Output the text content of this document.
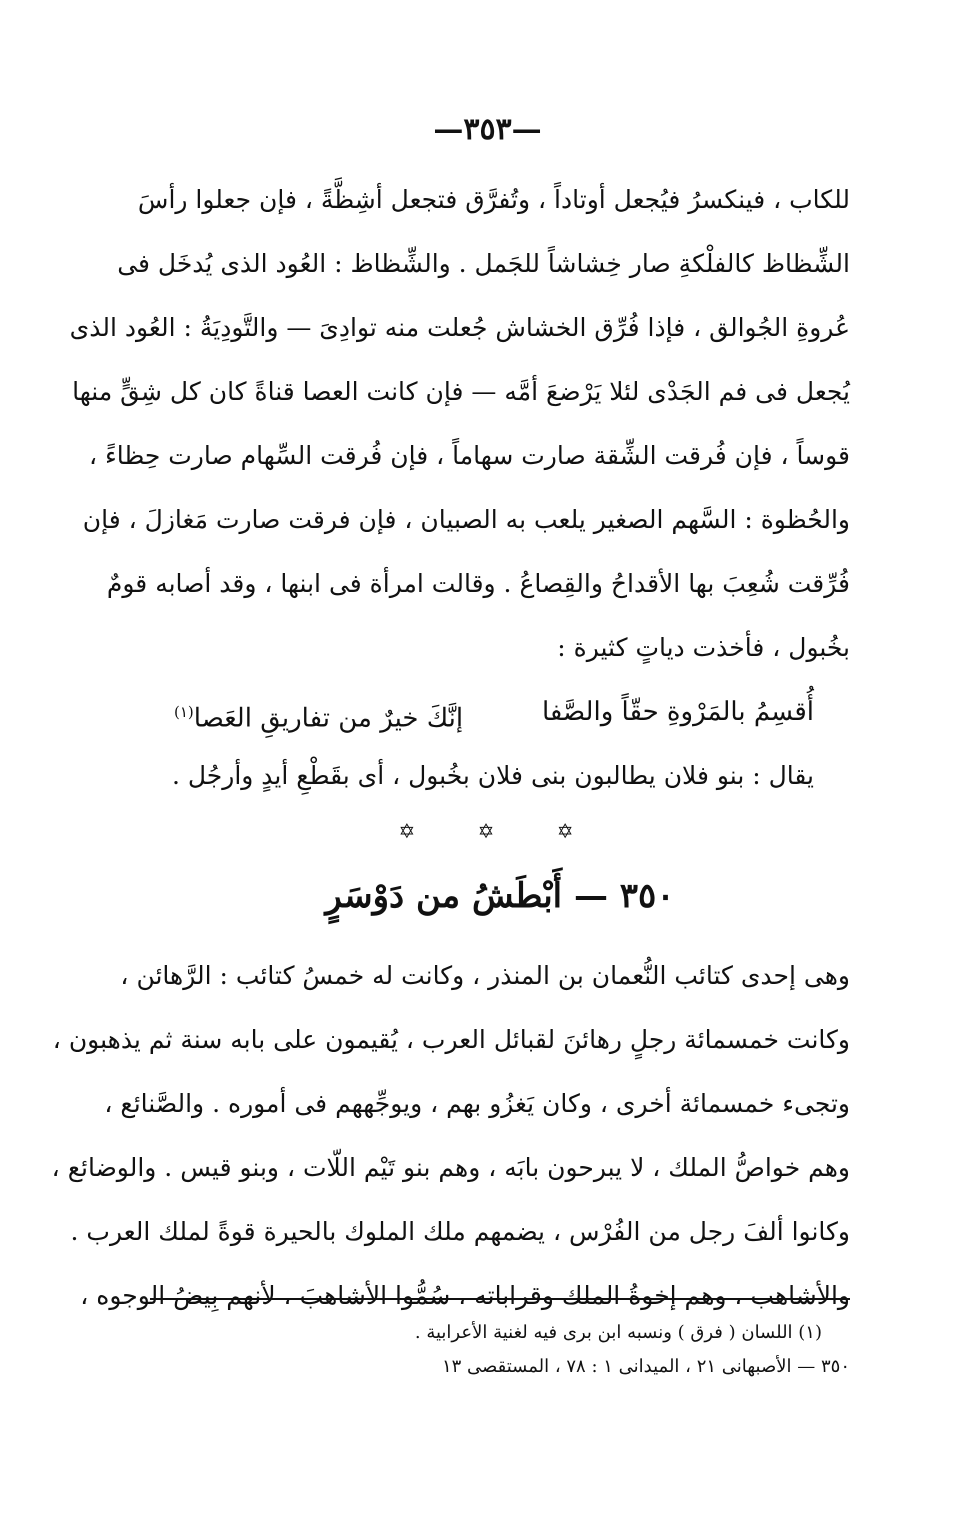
—٣٥٣—
للكاب ، فينكسرُ فيُجعل أوتاداً ، وتُفرَّق فتجعل أشِظَّةً ، فإن جعلوا رأسَ
الشِّظاظ كالفلْكةِ صار خِشاشاً للجَمل . والشِّظاظ : العُود الذى يُدخَل فى
عُروةِ الجُوالق ، فإذا فُرِّق الخشاش جُعلت منه توادِىَ — والتَّودِيَةُ : العُود الذى
يُجعل فى فم الجَدْى لئلا يَرْضعَ أمَّه — فإن كانت العصا قناةً كان كل شِقٍّ منها
قوساً ، فإن فُرقت الشِّقة صارت سهاماً ، فإن فُرقت السِّهام صارت حِظاءً ،
والحُظوة : السَّهم الصغير يلعب به الصبيان ، فإن فرقت صارت مَغازلَ ، فإن
فُرِّقت شُعِبَ بها الأقداحُ والقِصاعُ . وقالت امرأة فى ابنها ، وقد أصابه قومٌ
بخُبول ، فأخذت دياتٍ كثيرة :
أُقسِمُ بالمَرْوةِ حقّاً والصَّفا
إنَّكَ خيرٌ من تفاريقِ العَصا$^{(١)}$
يقال : بنو فلان يطالبون بنى فلان بخُبول ، أى بقَطْعِ أيدٍ وأرجُل .
✡ ✡ ✡
٣٥٠ — أَبْطَشُ من دَوْسَرٍ
وهى إحدى كتائب النُّعمان بن المنذر ، وكانت له خمسُ كتائب : الرَّهائن ،
وكانت خمسمائة رجلٍ رهائنَ لقبائل العرب ، يُقيمون على بابه سنة ثم يذهبون ،
وتجىء خمسمائة أخرى ، وكان يَغزُو بهم ، ويوجِّههم فى أموره . والصَّنائع ،
وهم خواصُّ الملك ، لا يبرحون بابَه ، وهم بنو تَيْم اللّات ، وبنو قيس . والوضائع ،
وكانوا ألفَ رجل من الفُرْس ، يضمهم ملك الملوك بالحيرة قوةً لملك العرب .
والأشاهب ، وهم إخوةُ الملك وقراباته ، سُمُّوا الأشاهبَ ، لأنهم بِيضُ الوجوه ،
(١) اللسان ( فرق ) ونسبه ابن برى فيه لغنية الأعرابية .
٣٥٠ — الأصبهانى ٢١ ، الميدانى ١ : ٧٨ ، المستقصى ١٣
